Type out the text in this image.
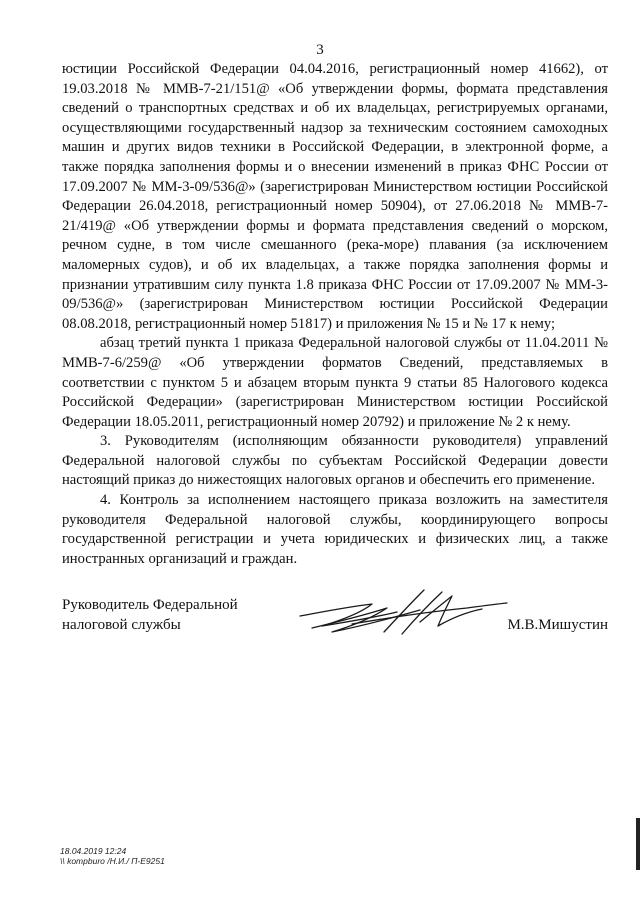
3

юстиции Российской Федерации 04.04.2016, регистрационный номер 41662), от 19.03.2018 № ММВ-7-21/151@ «Об утверждении формы, формата представления сведений о транспортных средствах и об их владельцах, регистрируемых органами, осуществляющими государственный надзор за техническим состоянием самоходных машин и других видов техники в Российской Федерации, в электронной форме, а также порядка заполнения формы и о внесении изменений в приказ ФНС России от 17.09.2007 № ММ-3-09/536@» (зарегистрирован Министерством юстиции Российской Федерации 26.04.2018, регистрационный номер 50904), от 27.06.2018 № ММВ-7-21/419@ «Об утверждении формы и формата представления сведений о морском, речном судне, в том числе смешанного (река-море) плавания (за исключением маломерных судов), и об их владельцах, а также порядка заполнения формы и признании утратившим силу пункта 1.8 приказа ФНС России от 17.09.2007 № ММ-3-09/536@» (зарегистрирован Министерством юстиции Российской Федерации 08.08.2018, регистрационный номер 51817) и приложения № 15 и № 17 к нему;

абзац третий пункта 1 приказа Федеральной налоговой службы от 11.04.2011 № ММВ-7-6/259@ «Об утверждении форматов Сведений, представляемых в соответствии с пунктом 5 и абзацем вторым пункта 9 статьи 85 Налогового кодекса Российской Федерации» (зарегистрирован Министерством юстиции Российской Федерации 18.05.2011, регистрационный номер 20792) и приложение № 2 к нему.

3. Руководителям (исполняющим обязанности руководителя) управлений Федеральной налоговой службы по субъектам Российской Федерации довести настоящий приказ до нижестоящих налоговых органов и обеспечить его применение.

4. Контроль за исполнением настоящего приказа возложить на заместителя руководителя Федеральной налоговой службы, координирующего вопросы государственной регистрации и учета юридических и физических лиц, а также иностранных организаций и граждан.

Руководитель Федеральной
налоговой службы	М.В.Мишустин
18.04.2019 12:24
\\ kompburo /Н.И./ П-Е9251
